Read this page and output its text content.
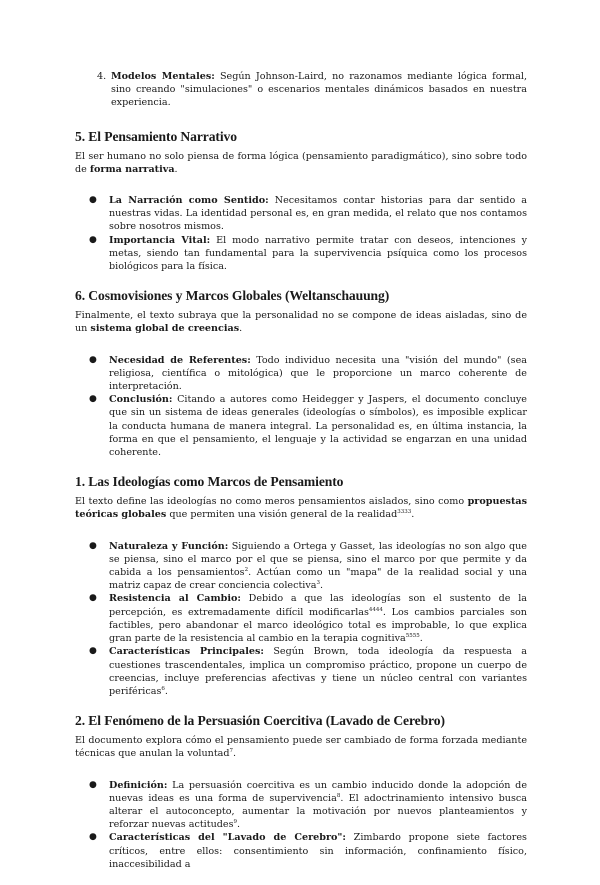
4. Modelos Mentales: Según Johnson-Laird, no razonamos mediante lógica formal, sino creando "simulaciones" o escenarios mentales dinámicos basados en nuestra experiencia.

5. El Pensamiento Narrativo

El ser humano no solo piensa de forma lógica (pensamiento paradigmático), sino sobre todo de forma narrativa.

● La Narración como Sentido: Necesitamos contar historias para dar sentido a nuestras vidas. La identidad personal es, en gran medida, el relato que nos contamos sobre nosotros mismos.
● Importancia Vital: El modo narrativo permite tratar con deseos, intenciones y metas, siendo tan fundamental para la supervivencia psíquica como los procesos biológicos para la física.
6. Cosmovisiones y Marcos Globales (Weltanschauung)

Finalmente, el texto subraya que la personalidad no se compone de ideas aisladas, sino de un sistema global de creencias.

● Necesidad de Referentes: Todo individuo necesita una "visión del mundo" (sea religiosa, científica o mitológica) que le proporcione un marco coherente de interpretación.
● Conclusión: Citando a autores como Heidegger y Jaspers, el documento concluye que sin un sistema de ideas generales (ideologías o símbolos), es imposible explicar la conducta humana de manera integral. La personalidad es, en última instancia, la forma en que el pensamiento, el lenguaje y la actividad se engarzan en una unidad coherente.
1. Las Ideologías como Marcos de Pensamiento

El texto define las ideologías no como meros pensamientos aislados, sino como propuestas teóricas globales que permiten una visión general de la realidad$^{3333}$.

● Naturaleza y Función: Siguiendo a Ortega y Gasset, las ideologías no son algo que se piensa, sino el marco por el que se piensa, sino el marco por que permite y da cabida a los pensamientos$^2$. Actúan como un "mapa" de la realidad social y una matriz capaz de crear conciencia colectiva$^3$.
● Resistencia al Cambio: Debido a que las ideologías son el sustento de la percepción, es extremadamente difícil modificarlas$^{4444}$. Los cambios parciales son factibles, pero abandonar el marco ideológico total es improbable, lo que explica gran parte de la resistencia al cambio en la terapia cognitiva$^{5555}$.
● Características Principales: Según Brown, toda ideología da respuesta a cuestiones trascendentales, implica un compromiso práctico, propone un cuerpo de creencias, incluye preferencias afectivas y tiene un núcleo central con variantes periféricas$^6$.
2. El Fenómeno de la Persuasión Coercitiva (Lavado de Cerebro)

El documento explora cómo el pensamiento puede ser cambiado de forma forzada mediante técnicas que anulan la voluntad$^7$.

● Definición: La persuasión coercitiva es un cambio inducido donde la adopción de nuevas ideas es una forma de supervivencia$^8$. El adoctrinamiento intensivo busca alterar el autoconcepto, aumentar la motivación por nuevos planteamientos y reforzar nuevas actitudes$^9$.
● Características del "Lavado de Cerebro": Zimbardo propone siete factores críticos, entre ellos: consentimiento sin información, confinamiento físico, inaccesibilidad a
